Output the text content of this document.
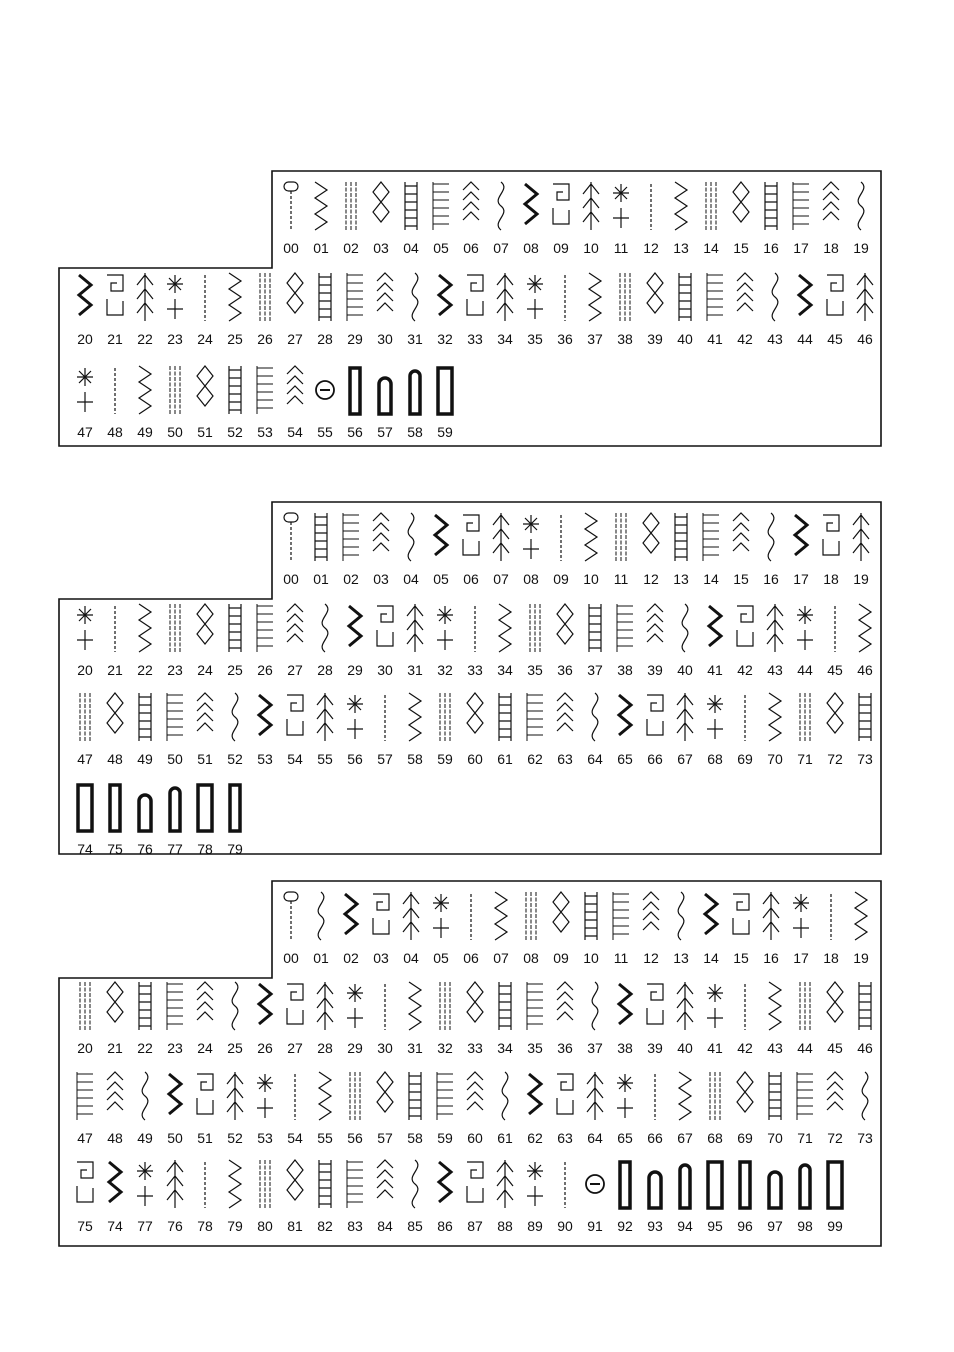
00	01	02	03	04	05	06	07	08	09	10	11	12	13	14	15	16	17	18	19
20	21	22	23	24	25	26	27	28	29	30	31	32	33	34	35	36	37	38	39	40	41	42	43	44	45	46
47	48	49	50	51	52	53	54	55	56	57	58	59
00	01	02	03	04	05	06	07	08	09	10	11	12	13	14	15	16	17	18	19
20	21	22	23	24	25	26	27	28	29	30	31	32	33	34	35	36	37	38	39	40	41	42	43	44	45	46
47	48	49	50	51	52	53	54	55	56	57	58	59	60	61	62	63	64	65	66	67	68	69	70	71	72	73
74	75	76	77	78	79
00	01	02	03	04	05	06	07	08	09	10	11	12	13	14	15	16	17	18	19
20	21	22	23	24	25	26	27	28	29	30	31	32	33	34	35	36	37	38	39	40	41	42	43	44	45	46
47	48	49	50	51	52	53	54	55	56	57	58	59	60	61	62	63	64	65	66	67	68	69	70	71	72	73
75	74	77	76	78	79	80	81	82	83	84	85	86	87	88	89	90	91	92	93	94	95	96	97	98	99
